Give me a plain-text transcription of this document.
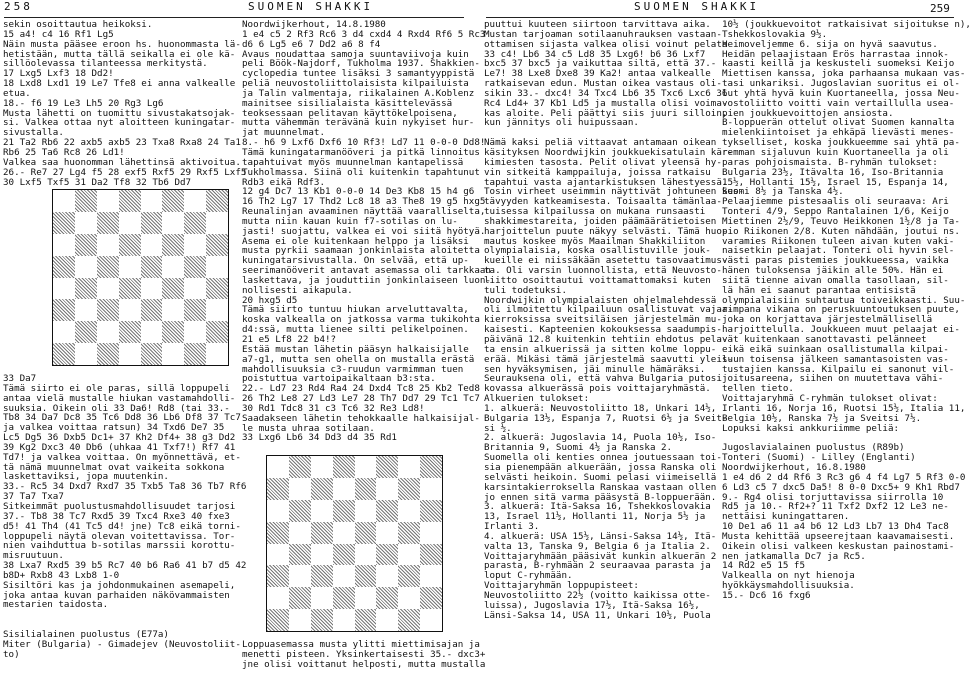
258	SUOMEN SHAKKI	SUOMEN SHAKKI	259
sekin osoittautua heikoksi.
15 a4! c4 16 Rf1 Lg5
Näin musta pääsee eroon hs. huonommasta lä-
hetistään, mutta tällä seikalla ei ole kä-
sillöolevassa tilanteessa merkitystä.
17 Lxg5 Lxf3 18 Dd2!
18 Lxd8 Lxd1 19 Le7 Tfe8 ei anna valkealle
etua.
18.- f6 19 Le3 Lh5 20 Rg3 Lg6
Musta lähetti on tuomittu sivustakatsojak-
si. Valkea ottaa nyt aloitteen kuningatar-
sivustalla.
21 Ta2 Rb6 22 axb5 axb5 23 Txa8 Rxa8 24 Ta1
Rb6 25 Ta6 Rc8 26 Ld1!
Valkea saa huonomman lähettinsä aktivoitua.
26.- Re7 27 Lg4 f5 28 exf5 Rxf5 29 Rxf5 Lxf5
30 Lxf5 Txf5 31 Da2 Tf8 32 Tb6 Dd7
33 Da7
Tämä siirto ei ole paras, sillä loppupeli
antaa vielä mustalle hiukan vastamahdolli-
suuksia. Oikein oli 33 Da6! Rd8 (tai 33.-
Tb8 34 Da7 Dc8 35 Tc6 Dd8 36 Lb6 Df8 37 Tc7
ja valkea voittaa ratsun) 34 Txd6 De7 35
Lc5 Dg5 36 Dxb5 Dc1+ 37 Kh2 Df4+ 38 g3 Dd2
39 Kg2 Dxc3 40 Db6 (uhkaa 41 Txf7!) Rf7 41
Td7! ja valkea voittaa. On myönnettävä, et-
tä nämä muunnelmat ovat vaikeita sokkona
laskettaviksi, jopa muutenkin.
33.- Rc5 34 Dxd7 Rxd7 35 Txb5 Ta8 36 Tb7 Rf6
37 Ta7 Txa7
Sitkeimmät puolustusmahdollisuudet tarjosi
37.- Tb8 38 Tc7 Rxd5 39 Txc4 Rxe3 40 fxe3
d5! 41 Th4 (41 Tc5 d4! jne) Tc8 eikä torni-
loppupeli näytä olevan voitettavissa. Tor-
nien vaihduttua b-sotilas marssii korottu-
misruutuun.
38 Lxa7 Rxd5 39 b5 Rc7 40 b6 Ra6 41 b7 d5 42
b8D+ Rxb8 43 Lxb8 1-0
Sisiltöri kas ja johdonmukainen asemapeli,
joka antaa kuvan parhaiden näkövammaisten
mestarien taidosta.
Sisilialainen puolustus (E77a)
Miter (Bulgaria) - Gimadejev (Neuvostoliit-
to)
Noordwijkerhout, 14.8.1980
1 e4 c5 2 Rf3 Rc6 3 d4 cxd4 4 Rxd4 Rf6 5 Rc3
d6 6 Lg5 e6 7 Dd2 a6 8 f4
Avaus noudattaa samoja suuntaviivoja kuin
peli Böök-Najdorf, Tukholma 1937. Shakkien-
cyclopedia tuntee lisäksi 3 samantyyppistä
peliä neuvostoliittolaisista kilpailuista
ja Talin valmentaja, riikalainen A.Koblenz
mainitsee sisilialaista käsittelevässä
teoksessaan pelitavan käyttökelpoisena,
mutta vähemmän terävänä kuin nykyiset hur-
jat muunnelmat.
8.- h6 9 Lxf6 Dxf6 10 Rf3! Ld7 11 0-0-0 Dd8!
Tämä kuningatarmanööveri ja pitkä linnoitus
tapahtuivat myös muunnelman kantapelissä
Tukholmassa. Siinä oli kuitenkin tapahtunut
Rdb3 eikä Rdf3.
12 g4 Dc7 13 Kb1 0-0-0 14 De3 Kb8 15 h4 g6
16 Th2 Lg7 17 Thd2 Lc8 18 a3 The8 19 g5 hxg5
Reunalinjan avaaminen näyttää vaaralliselta,
mutta niin kauan kuin f7-sotilas on lu-
jasti! suojattu, valkea ei voi siitä hyötyä.
Asema ei ole kuitenkaan helppo ja lisäksi
musta pyrkii saamaan jonkinlaista aloitetta
kuningatarsivustalla. On selvää, että up-
seerimanööverit antavat asemassa oli tarkkaan
laskettava, ja jouduttiin jonkinlaiseen luon-
nollisesti aikapula.
20 hxg5 d5
Tämä siirto tuntuu hiukan arveluttavalta,
koska valkealla on jatkossa varma tukikohta
d4:ssä, mutta lienee silti pelikelpoinen.
21 e5 Lf8 22 b4!?
Estää mustan lähetin pääsyn halkaisijalle
a7-g1, mutta sen ohella on mustalla erästä
mahdollisuuksia c3-ruudun varmimman tuen
poistuttua vartoipaikaltaan b3:sta.
22.- Ld7 23 Rd4 Ra4 24 Dxd4 Tc8 25 Kb2 Ted8
26 Th2 Le8 27 Ld3 Le7 28 Th7 Dd7 29 Tc1 Tc7
30 Rd1 Tdc8 31 c3 Tc6 32 Re3 Ld8!
Saadakseen lähetin tehokkaalle halkaisijal-
le musta uhraa sotilaan.
33 Lxg6 Lb6 34 Dd3 d4 35 Rd1
Loppuasemassa musta ylitti miettimisajan ja
menetti pisteen. Yksinkertaisesti 35.- dxc3+
jne olisi voittanut helposti, mutta mustalla
puuttui kuuteen siirtoon tarvittava aika.
Mustan tarjoaman sotilaanuhrauksen vastaan-
ottamisen sijasta valkea olisi voinut pelata
33 c4! Lb6 34 c5 Ld8 35 Lxg6! b6 36 Lxf7
bxc5 37 bxc5 ja vaikuttaa siltä, että 37.-
Le7! 38 Lxe8 Dxe8 39 Ka2! antaa valkealle
ratkaisevan edun. Mustan oikea vastaus oli-
sikin 33.- dxc4! 34 Txc4 Lb6 35 Txc6 Lxc6 36
Rc4 Ld4+ 37 Kb1 Ld5 ja mustalla olisi voima-
kas aloite. Peli päättyi siis juuri silloin,
kun jännitys oli huipussaan.
Nämä kaksi peliä vittaavat antamaan oikean
käsityksen Noordwijkin joukkuekisatulain kär-
kimiesten tasosta. Pelit olivat yleensä hy-
vin sitkeitä kamppailuja, joissa ratkaisu
tapahtui vasta ajantarkistuksen lähestyessä.
Tosin virheet useimmin näyttivät johtuneen kes-
tävyyden katkeamisesta. Toisaalta tämänlaa-
tuisessa kilpailussa on mukana runsaasti
shakkimestareita, joiden päämäärätietoisen
harjoittelun puute näkyy selvästi. Tämä huo-
mautus koskee myös Maailman Shakkiliiton
olympialaisia, koska osallistuville jouk-
kueille ei niissäkään asetettu tasovaatimus-
ta. Oli varsin luonnollista, että Neuvosto-
liitto osoittautui voittamattomaksi kuten
tuli todetuksi.
Noordwijkin olympialaisten ohjelmalehdessä
oli ilmoitettu kilpailuun osallistuvat vajaa-
kierroksissa sveitsiläisen järjestelmän mu-
kaisesti. Kapteenien kokouksessa saadumpis-
päivänä 12.8 kuitenkin tehtiin ehdotus pela-
ta ensin alkuerissä ja sitten kolme loppu-
erää. Mikäsi tämä järjestelmä saavutti yleis-
sen hyväksymisen, jäi minulle hämäräksi.
Seurauksena oli, että vahva Bulgaria putosi
kovassa alkuerässä pois voittajaryhmästä.
Alkuerien tulokset:
1. alkuerä: Neuvostoliitto 18, Unkari 14½,
Bulgaria 13½, Espanja 7, Ruotsi 6½ ja Sveit-
si ½.
2. alkuerä: Jugoslavia 14, Puola 10½, Iso-
Britannia 9, Suomi 4½ ja Ranska 2.
Suomella oli kenties onnea joutuessaan toi-
sia pienempään alkuerään, jossa Ranska oli
selvästi heikoin. Suomi pelasi viimeisellä
karsintakierroksella Ranskaa vastaan ollen
jo ennen sitä varma pääsystä B-loppuerään.
3. alkuerä: Itä-Saksa 16, Tshekkoslovakia
13, Israel 11½, Hollanti 11, Norja 5½ ja
Irlanti 3.
4. alkuerä: USA 15½, Länsi-Saksa 14½, Itä-
valta 13, Tanska 9, Belgia 6 ja Italia 2.
Voittajaryhmään pääsivät kunkin alkuerän 2
parasta, B-ryhmään 2 seuraavaa parasta ja
loput C-ryhmään.
Voittajaryhmän loppupisteet:
Neuvostoliitto 22½ (voitto kaikissa otte-
luissa), Jugoslavia 17½, Itä-Saksa 16½,
Länsi-Saksa 14, USA 11, Unkari 10½, Puola
10½ (joukkuevoitot ratkaisivat sijoitukse n),
Tshekkoslovakia 9½.
Heimoveljemme 6. sija on hyvä saavutus.
Heidän pelaajistaan Erös harrastaa innok-
kaasti keillä ja keskusteli suomeksi Keijo
Miettisen kanssa, joka parhaansa mukaan vas-
tasi unkariksi. Jugoslavian suoritus ei ol-
lut yhtä hyvä kuin Kuortaneella, jossa Neu-
vostoliitto voitti vain vertaillulla usea-
pien joukkuevoittojen ansiosta.
B-loppuerän ottelut olivat Suomen kannalta
mielenkiintoiset ja ehkäpä lievästi menes-
tykselliset, koska joukkueemme sai yhtä pa-
remman sijaluvun kuin Kuortaneella ja oli
paras pohjoismaista. B-ryhmän tulokset:
Bulgaria 23½, Itävalta 16, Iso-Britannia
15½, Hollanti 15½, Israel 15, Espanja 14,
Suomi 8½ ja Tanska 4½.
Pelaajiemme pistesaalis oli seuraava: Ari
Tonteri 4/9, Seppo Rantalainen 1/6, Keijo
Miettinen 2½/9, Teuvo Heikkonen 1½/8 ja Ta-
pio Riikonen 2/8. Kuten nähdään, joutui ns.
varamies Riikonen tuleen aivan kuten vaki-
naisetkin pelaajat. Tonteri oli hyvin sel-
västi paras pistemies joukkueessa, vaikka
hänen tuloksensa jäikin alle 50%. Hän ei
siitä tienne aivan omalla tasollaan, sil-
lä hän ei saanut parantaa entisistä
olympialaisiin suhtautua toiveikkaasti. Suu-
rimpana vikana on peruskuuntoutuksen puute,
joka on korjattava järjestelmällisellä
harjoittelulla. Joukkueen muut pelaajat ei-
vät kuitenkaan sanottavasti pelänneet
eikä eikä suinkaan osallistumalla kilpai-
luun toisensa jälkeen samantasoisten vas-
tustajien kanssa. Kilpailu ei sanonut vil-
joitusareena, siihen on muutettava vähi-
tellen tieto.
Voittajaryhmä C-ryhmän tulokset olivat:
Irlanti 16, Norja 16, Ruotsi 15½, Italia 11,
Belgia 10½, Ranska 7½ ja Sveitsi 7½.
Lopuksi kaksi ankkuriimme peliä:
Jugoslavialainen puolustus (R89b)
Tonteri (Suomi) - Lilley (Englanti)
Noordwijkerhout, 16.8.1980
1 e4 d6 2 d4 Rf6 3 Rc3 g6 4 f4 Lg7 5 Rf3 0-0
6 Ld3 c5 7 dxc5 Da5! 8 0-0 Dxc5+ 9 Kh1 Rbd7
9.- Rg4 olisi torjuttavissa siirrolla 10
Rd5 ja 10.- Rf2+? 11 Txf2 Dxf2 12 Le3 ne-
nettäisi kuningattaren.
10 De1 a6 11 a4 b6 12 Ld3 Lb7 13 Dh4 Tac8
Musta kehittää upseerejtaan kaavamaisesti.
Oikein olisi valkeen keskustan painostami-
nen jatkamalla Dc7 ja Rc5.
14 Rd2 e5 15 f5
Valkealla on nyt hienoja
hyökkäysmahdollisuuksia.
15.- Dc6 16 fxg6
